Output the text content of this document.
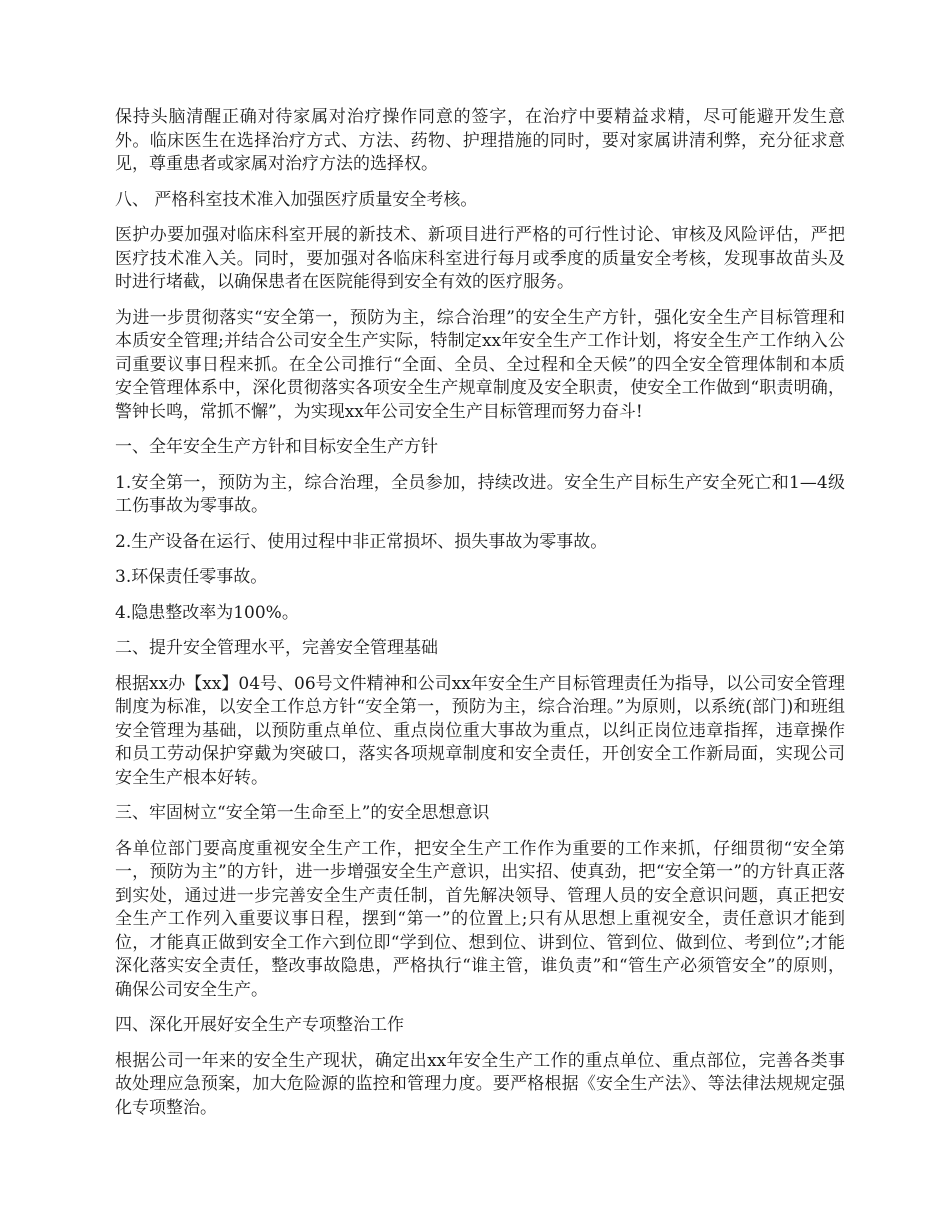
保持头脑清醒正确对待家属对治疗操作同意的签字，在治疗中要精益求精，尽可能避开发生意外。临床医生在选择治疗方式、方法、药物、护理措施的同时，要对家属讲清利弊，充分征求意见，尊重患者或家属对治疗方法的选择权。

八、 严格科室技术准入加强医疗质量安全考核。

医护办要加强对临床科室开展的新技术、新项目进行严格的可行性讨论、审核及风险评估，严把医疗技术准入关。同时，要加强对各临床科室进行每月或季度的质量安全考核，发现事故苗头及时进行堵截，以确保患者在医院能得到安全有效的医疗服务。

为进一步贯彻落实“安全第一，预防为主，综合治理”的安全生产方针，强化安全生产目标管理和本质安全管理;并结合公司安全生产实际，特制定xx年安全生产工作计划，将安全生产工作纳入公司重要议事日程来抓。在全公司推行“全面、全员、全过程和全天候”的四全安全管理体制和本质安全管理体系中，深化贯彻落实各项安全生产规章制度及安全职责，使安全工作做到“职责明确，警钟长鸣，常抓不懈”，为实现xx年公司安全生产目标管理而努力奋斗!

一、全年安全生产方针和目标安全生产方针

1.安全第一，预防为主，综合治理，全员参加，持续改进。安全生产目标生产安全死亡和1—4级工伤事故为零事故。

2.生产设备在运行、使用过程中非正常损坏、损失事故为零事故。

3.环保责任零事故。

4.隐患整改率为100%。

二、提升安全管理水平，完善安全管理基础

根据xx办【xx】04号、06号文件精神和公司xx年安全生产目标管理责任为指导，以公司安全管理制度为标准，以安全工作总方针“安全第一，预防为主，综合治理。”为原则，以系统(部门)和班组安全管理为基础，以预防重点单位、重点岗位重大事故为重点，以纠正岗位违章指挥，违章操作和员工劳动保护穿戴为突破口，落实各项规章制度和安全责任，开创安全工作新局面，实现公司安全生产根本好转。

三、牢固树立“安全第一生命至上”的安全思想意识

各单位部门要高度重视安全生产工作，把安全生产工作作为重要的工作来抓，仔细贯彻“安全第一，预防为主”的方针，进一步增强安全生产意识，出实招、使真劲，把“安全第一”的方针真正落到实处，通过进一步完善安全生产责任制，首先解决领导、管理人员的安全意识问题，真正把安全生产工作列入重要议事日程，摆到“第一”的位置上;只有从思想上重视安全，责任意识才能到位，才能真正做到安全工作六到位即“学到位、想到位、讲到位、管到位、做到位、考到位”;才能深化落实安全责任，整改事故隐患，严格执行“谁主管，谁负责”和“管生产必须管安全”的原则，确保公司安全生产。

四、深化开展好安全生产专项整治工作

根据公司一年来的安全生产现状，确定出xx年安全生产工作的重点单位、重点部位，完善各类事故处理应急预案，加大危险源的监控和管理力度。要严格根据《安全生产法》、等法律法规规定强化专项整治。
